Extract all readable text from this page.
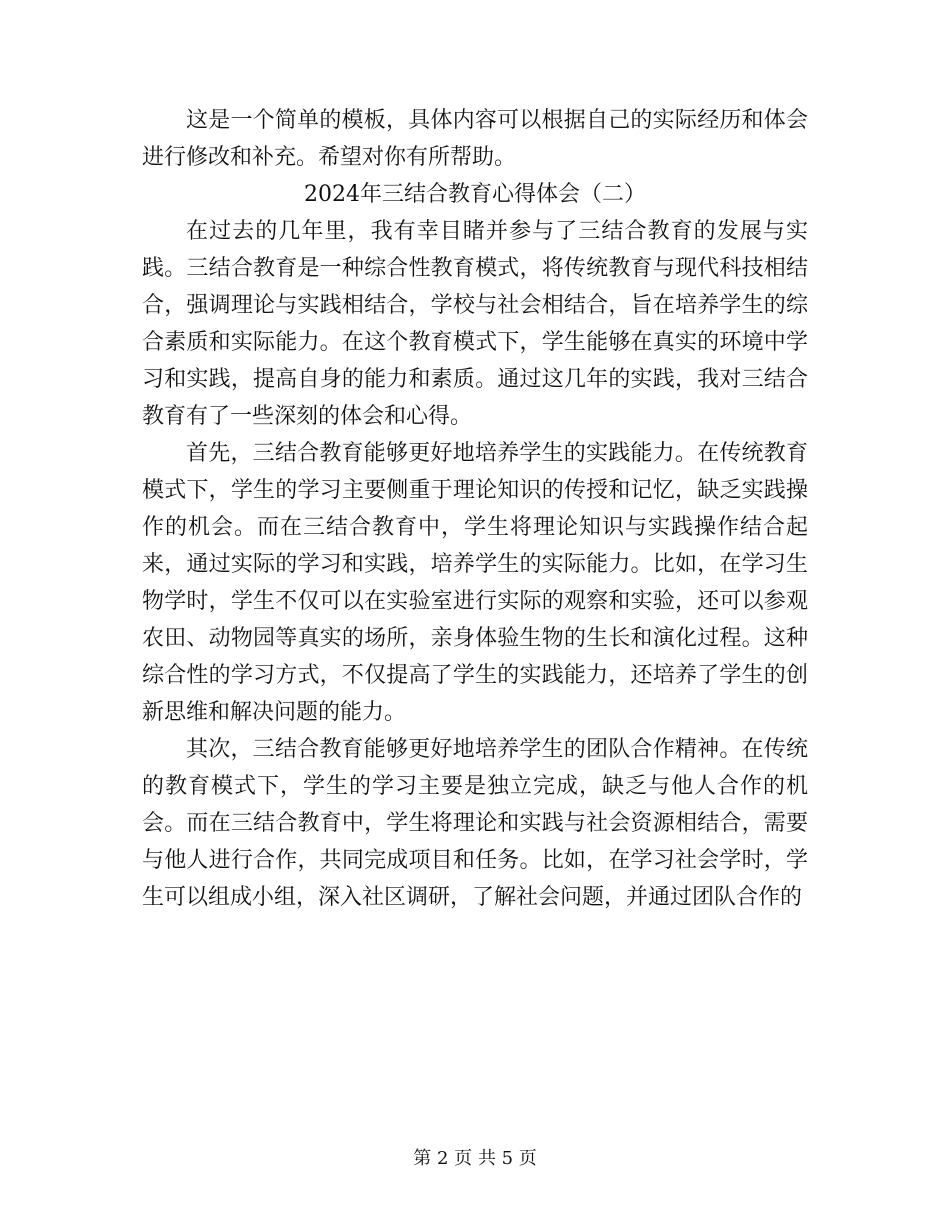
这是一个简单的模板，具体内容可以根据自己的实际经历和体会进行修改和补充。希望对你有所帮助。

2024年三结合教育心得体会（二）

在过去的几年里，我有幸目睹并参与了三结合教育的发展与实践。三结合教育是一种综合性教育模式，将传统教育与现代科技相结合，强调理论与实践相结合，学校与社会相结合，旨在培养学生的综合素质和实际能力。在这个教育模式下，学生能够在真实的环境中学习和实践，提高自身的能力和素质。通过这几年的实践，我对三结合教育有了一些深刻的体会和心得。

首先，三结合教育能够更好地培养学生的实践能力。在传统教育模式下，学生的学习主要侧重于理论知识的传授和记忆，缺乏实践操作的机会。而在三结合教育中，学生将理论知识与实践操作结合起来，通过实际的学习和实践，培养学生的实际能力。比如，在学习生物学时，学生不仅可以在实验室进行实际的观察和实验，还可以参观农田、动物园等真实的场所，亲身体验生物的生长和演化过程。这种综合性的学习方式，不仅提高了学生的实践能力，还培养了学生的创新思维和解决问题的能力。

其次，三结合教育能够更好地培养学生的团队合作精神。在传统的教育模式下，学生的学习主要是独立完成，缺乏与他人合作的机会。而在三结合教育中，学生将理论和实践与社会资源相结合，需要与他人进行合作，共同完成项目和任务。比如，在学习社会学时，学生可以组成小组，深入社区调研，了解社会问题，并通过团队合作的

第 2 页 共 5 页
